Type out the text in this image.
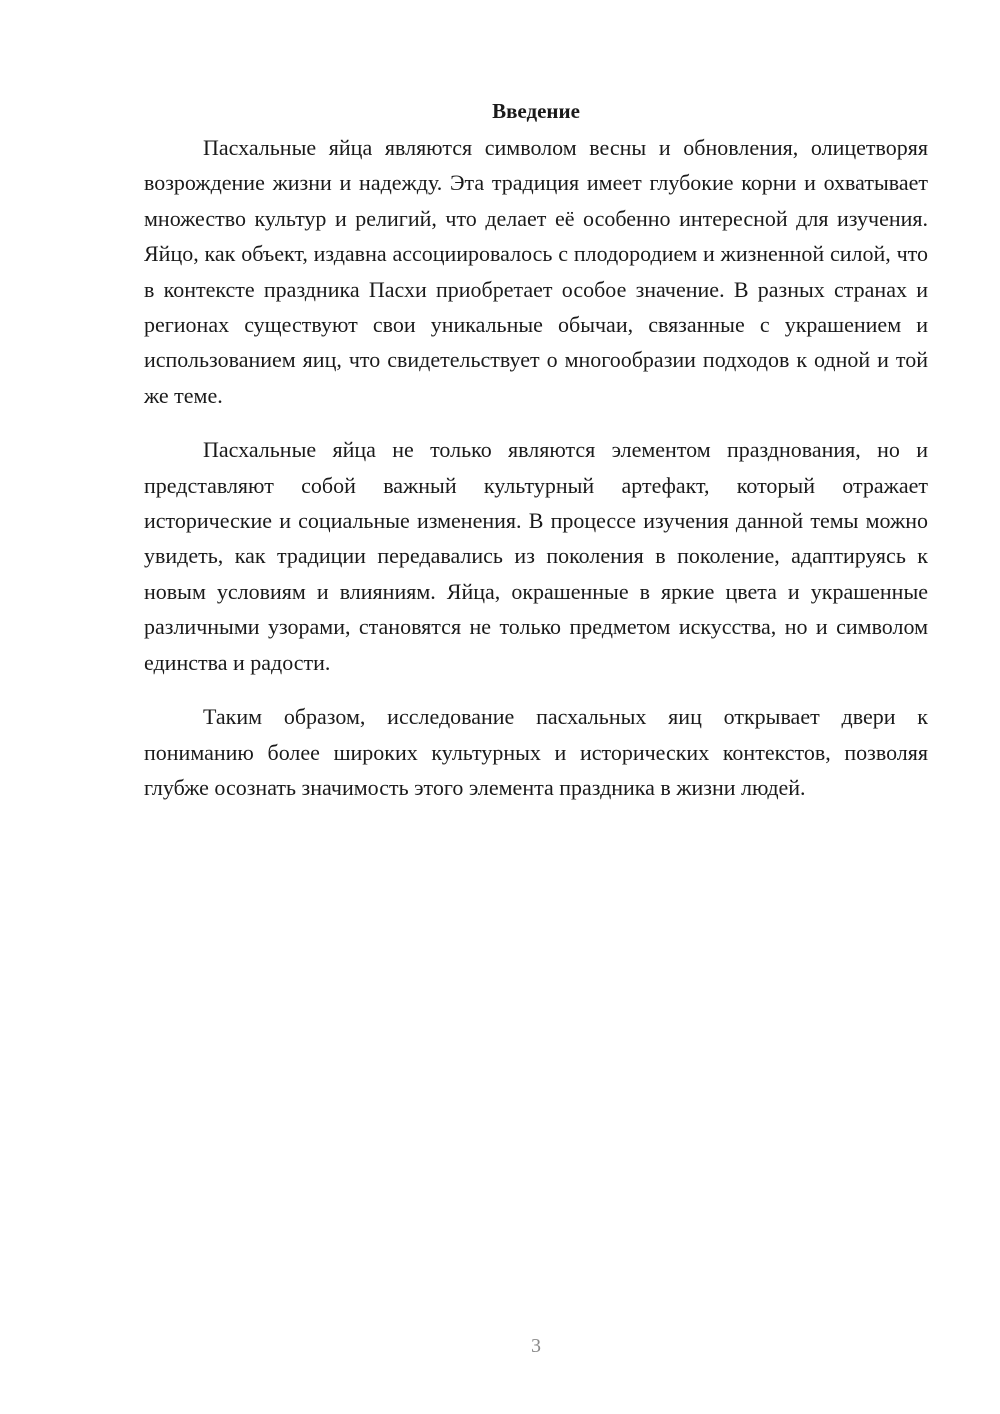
Введение

Пасхальные яйца являются символом весны и обновления, олицетворяя возрождение жизни и надежду. Эта традиция имеет глубокие корни и охватывает множество культур и религий, что делает её особенно интересной для изучения. Яйцо, как объект, издавна ассоциировалось с плодородием и жизненной силой, что в контексте праздника Пасхи приобретает особое значение. В разных странах и регионах существуют свои уникальные обычаи, связанные с украшением и использованием яиц, что свидетельствует о многообразии подходов к одной и той же теме.

Пасхальные яйца не только являются элементом празднования, но и представляют собой важный культурный артефакт, который отражает исторические и социальные изменения. В процессе изучения данной темы можно увидеть, как традиции передавались из поколения в поколение, адаптируясь к новым условиям и влияниям. Яйца, окрашенные в яркие цвета и украшенные различными узорами, становятся не только предметом искусства, но и символом единства и радости.

Таким образом, исследование пасхальных яиц открывает двери к пониманию более широких культурных и исторических контекстов, позволяя глубже осознать значимость этого элемента праздника в жизни людей.

3
